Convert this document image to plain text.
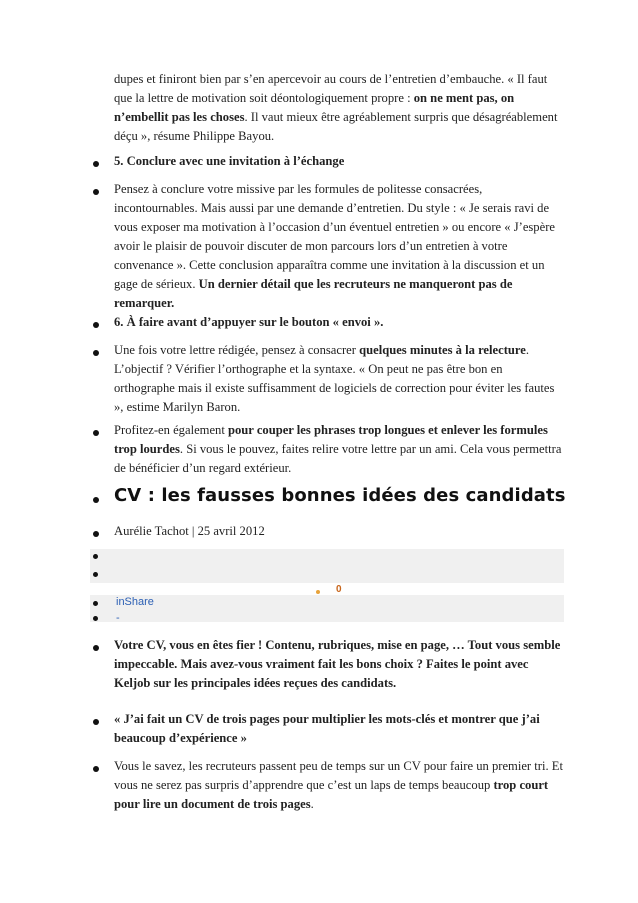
dupes et finiront bien par s’en apercevoir au cours de l’entretien d’embauche. « Il faut que la lettre de motivation soit déontologiquement propre : on ne ment pas, on n’embellit pas les choses. Il vaut mieux être agréablement surpris que désagréablement déçu », résume Philippe Bayou.
5. Conclure avec une invitation à l’échange
Pensez à conclure votre missive par les formules de politesse consacrées, incontournables. Mais aussi par une demande d’entretien. Du style : « Je serais ravi de vous exposer ma motivation à l’occasion d’un éventuel entretien » ou encore « J’espère avoir le plaisir de pouvoir discuter de mon parcours lors d’un entretien à votre convenance ». Cette conclusion apparaîtra comme une invitation à la discussion et un gage de sérieux. Un dernier détail que les recruteurs ne manqueront pas de remarquer.
6. À faire avant d’appuyer sur le bouton « envoi ».
Une fois votre lettre rédigée, pensez à consacrer quelques minutes à la relecture. L’objectif ? Vérifier l’orthographe et la syntaxe. « On peut ne pas être bon en orthographe mais il existe suffisamment de logiciels de correction pour éviter les fautes », estime Marilyn Baron.
Profitez-en également pour couper les phrases trop longues et enlever les formules trop lourdes. Si vous le pouvez, faites relire votre lettre par un ami. Cela vous permettra de bénéficier d’un regard extérieur.
CV : les fausses bonnes idées des candidats
Aurélie Tachot | 25 avril 2012
0
inShare
-
Votre CV, vous en êtes fier ! Contenu, rubriques, mise en page, … Tout vous semble impeccable. Mais avez-vous vraiment fait les bons choix ? Faites le point avec Keljob sur les principales idées reçues des candidats.
« J’ai fait un CV de trois pages pour multiplier les mots-clés et montrer que j’ai beaucoup d’expérience »
Vous le savez, les recruteurs passent peu de temps sur un CV pour faire un premier tri. Et vous ne serez pas surpris d’apprendre que c’est un laps de temps beaucoup trop court pour lire un document de trois pages.
